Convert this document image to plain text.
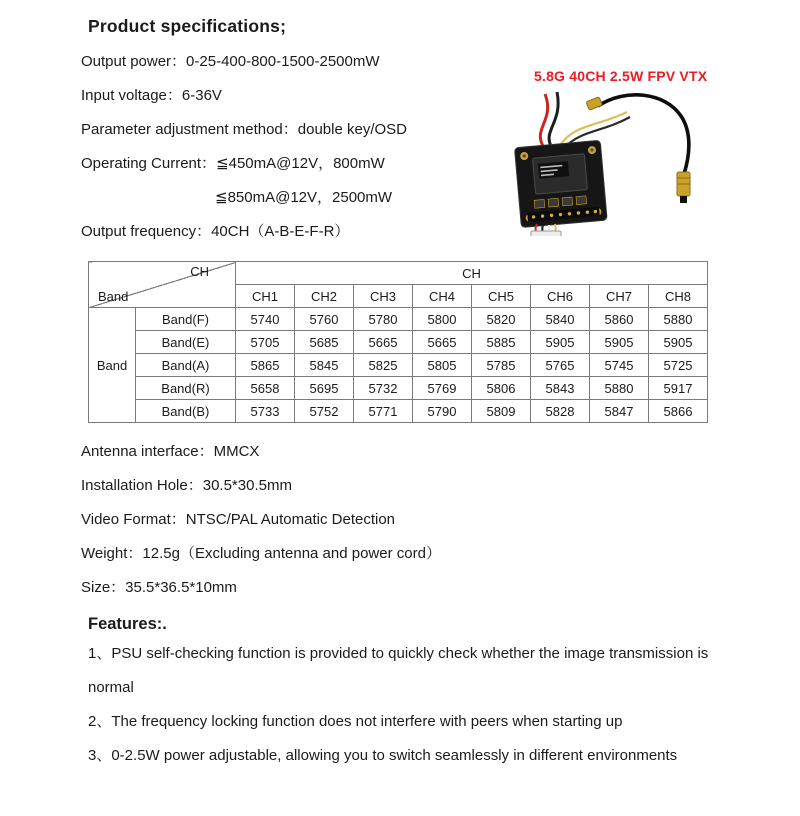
Product specifications;
5.8G 40CH 2.5W FPV VTX
Output power：0-25-400-800-1500-2500mW
Input voltage：6-36V
Parameter adjustment method：double key/OSD
Operating Current：≦450mA@12V，800mW
≦850mA@12V，2500mW
Output frequency：40CH（A-B-E-F-R）
CH
Band		CH							
		CH1	CH2	CH3	CH4	CH5	CH6	CH7	CH8
Band	Band(F)	5740	5760	5780	5800	5820	5840	5860	5880
	Band(E)	5705	5685	5665	5665	5885	5905	5905	5905
	Band(A)	5865	5845	5825	5805	5785	5765	5745	5725
	Band(R)	5658	5695	5732	5769	5806	5843	5880	5917
	Band(B)	5733	5752	5771	5790	5809	5828	5847	5866
Antenna interface：MMCX
Installation Hole：30.5*30.5mm
Video Format：NTSC/PAL Automatic Detection
Weight：12.5g（Excluding antenna and power cord）
Size：35.5*36.5*10mm
Features:.
1、PSU self-checking function is provided to quickly check whether the image transmission is normal
2、The frequency locking function does not interfere with peers when starting up
3、0-2.5W power adjustable, allowing you to switch seamlessly in different environments
